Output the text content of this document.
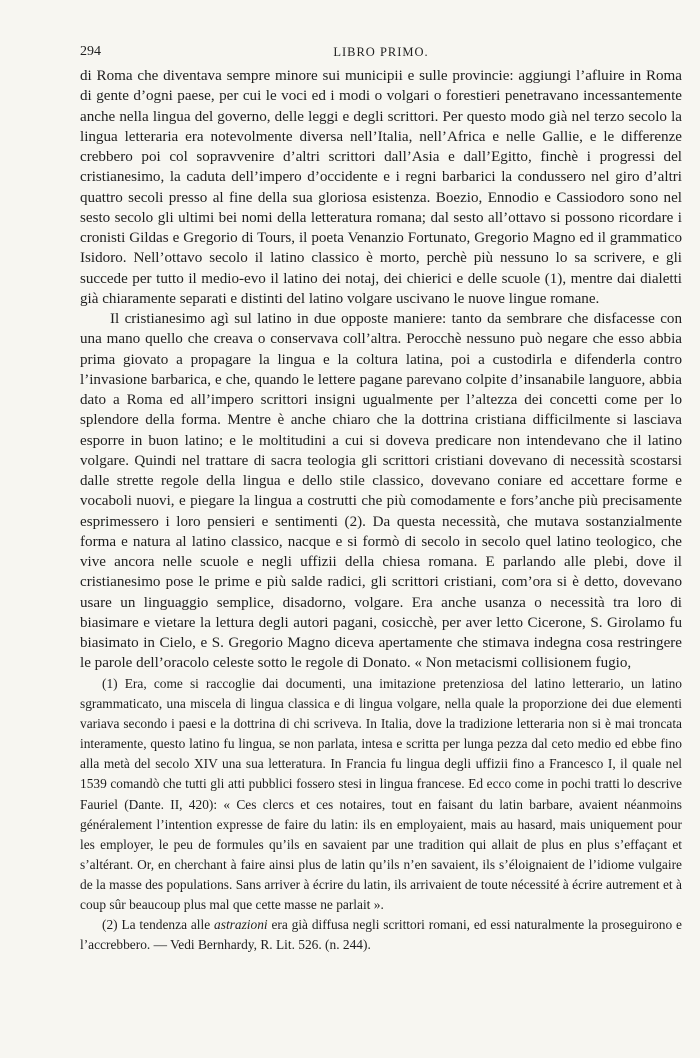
294	LIBRO PRIMO.

di Roma che diventava sempre minore sui municipii e sulle provincie: aggiungi l’afluire in Roma di gente d’ogni paese, per cui le voci ed i modi o volgari o forestieri penetravano incessantemente anche nella lingua del governo, delle leggi e degli scrittori. Per questo modo già nel terzo secolo la lingua letteraria era notevolmente diversa nell’Italia, nell’Africa e nelle Gallie, e le differenze crebbero poi col sopravvenire d’altri scrittori dall’Asia e dall’Egitto, finchè i progressi del cristianesimo, la caduta dell’impero d’occidente e i regni barbarici la condussero nel giro d’altri quattro secoli presso al fine della sua gloriosa esistenza. Boezio, Ennodio e Cassiodoro sono nel sesto secolo gli ultimi bei nomi della letteratura romana; dal sesto all’ottavo si possono ricordare i cronisti Gildas e Gregorio di Tours, il poeta Venanzio Fortunato, Gregorio Magno ed il grammatico Isidoro. Nell’ottavo secolo il latino classico è morto, perchè più nessuno lo sa scrivere, e gli succede per tutto il medio-evo il latino dei notaj, dei chierici e delle scuole (1), mentre dai dialetti già chiaramente separati e distinti del latino volgare uscivano le nuove lingue romane.

Il cristianesimo agì sul latino in due opposte maniere: tanto da sembrare che disfacesse con una mano quello che creava o conservava coll’altra. Perocchè nessuno può negare che esso abbia prima giovato a propagare la lingua e la coltura latina, poi a custodirla e difenderla contro l’invasione barbarica, e che, quando le lettere pagane parevano colpite d’insanabile languore, abbia dato a Roma ed all’impero scrittori insigni ugualmente per l’altezza dei concetti come per lo splendore della forma. Mentre è anche chiaro che la dottrina cristiana difficilmente si lasciava esporre in buon latino; e le moltitudini a cui si doveva predicare non intendevano che il latino volgare. Quindi nel trattare di sacra teologia gli scrittori cristiani dovevano di necessità scostarsi dalle strette regole della lingua e dello stile classico, dovevano coniare ed accettare forme e vocaboli nuovi, e piegare la lingua a costrutti che più comodamente e fors’anche più precisamente esprimessero i loro pensieri e sentimenti (2). Da questa necessità, che mutava sostanzialmente forma e natura al latino classico, nacque e si formò di secolo in secolo quel latino teologico, che vive ancora nelle scuole e negli uffizii della chiesa romana. E parlando alle plebi, dove il cristianesimo pose le prime e più salde radici, gli scrittori cristiani, com’ora si è detto, dovevano usare un linguaggio semplice, disadorno, volgare. Era anche usanza o necessità tra loro di biasimare e vietare la lettura degli autori pagani, cosicchè, per aver letto Cicerone, S. Girolamo fu biasimato in Cielo, e S. Gregorio Magno diceva apertamente che stimava indegna cosa restringere le parole dell’oracolo celeste sotto le regole di Donato. « Non metacismi collisionem fugio,

(1) Era, come si raccoglie dai documenti, una imitazione pretenziosa del latino letterario, un latino sgrammaticato, una miscela di lingua classica e di lingua volgare, nella quale la proporzione dei due elementi variava secondo i paesi e la dottrina di chi scriveva. In Italia, dove la tradizione letteraria non si è mai troncata interamente, questo latino fu lingua, se non parlata, intesa e scritta per lunga pezza dal ceto medio ed ebbe fino alla metà del secolo XIV una sua letteratura. In Francia fu lingua degli uffizii fino a Francesco I, il quale nel 1539 comandò che tutti gli atti pubblici fossero stesi in lingua francese. Ed ecco come in pochi tratti lo descrive Fauriel (Dante. II, 420): « Ces clercs et ces notaires, tout en faisant du latin barbare, avaient néanmoins généralement l’intention expresse de faire du latin: ils en employaient, mais au hasard, mais uniquement pour les employer, le peu de formules qu’ils en savaient par une tradition qui allait de plus en plus s’effaçant et s’altérant. Or, en cherchant à faire ainsi plus de latin qu’ils n’en savaient, ils s’éloignaient de l’idiome vulgaire de la masse des populations. Sans arriver à écrire du latin, ils arrivaient de toute nécessité à écrire autrement et à coup sûr beaucoup plus mal que cette masse ne parlait ».

(2) La tendenza alle astrazioni era già diffusa negli scrittori romani, ed essi naturalmente la proseguirono e l’accrebbero. — Vedi Bernhardy, R. Lit. 526. (n. 244).
